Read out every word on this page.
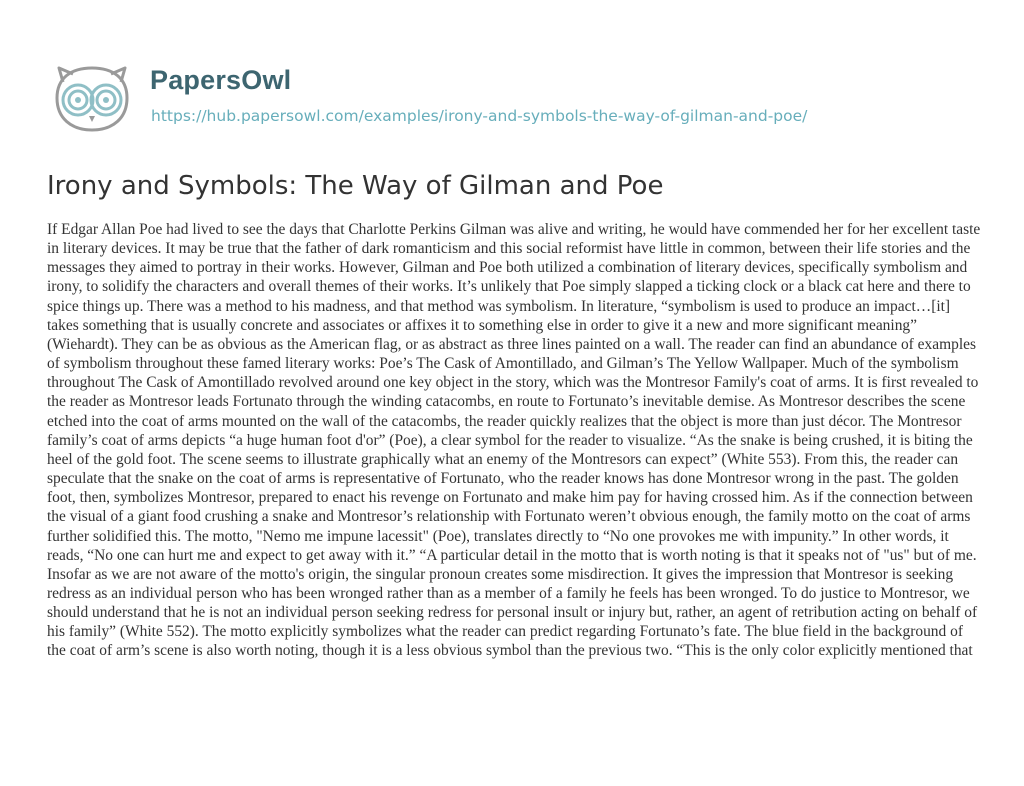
PapersOwl
https://hub.papersowl.com/examples/irony-and-symbols-the-way-of-gilman-and-poe/
Irony and Symbols: The Way of Gilman and Poe

If Edgar Allan Poe had lived to see the days that Charlotte Perkins Gilman was alive and writing, he would have commended her for her excellent taste in literary devices. It may be true that the father of dark romanticism and this social reformist have little in common, between their life stories and the messages they aimed to portray in their works. However, Gilman and Poe both utilized a combination of literary devices, specifically symbolism and irony, to solidify the characters and overall themes of their works. It’s unlikely that Poe simply slapped a ticking clock or a black cat here and there to spice things up. There was a method to his madness, and that method was symbolism. In literature, “symbolism is used to produce an impact…[it] takes something that is usually concrete and associates or affixes it to something else in order to give it a new and more significant meaning” (Wiehardt). They can be as obvious as the American flag, or as abstract as three lines painted on a wall. The reader can find an abundance of examples of symbolism throughout these famed literary works: Poe’s The Cask of Amontillado, and Gilman’s The Yellow Wallpaper. Much of the symbolism throughout The Cask of Amontillado revolved around one key object in the story, which was the Montresor Family's coat of arms. It is first revealed to the reader as Montresor leads Fortunato through the winding catacombs, en route to Fortunato’s inevitable demise. As Montresor describes the scene etched into the coat of arms mounted on the wall of the catacombs, the reader quickly realizes that the object is more than just décor. The Montresor family’s coat of arms depicts “a huge human foot d'or” (Poe), a clear symbol for the reader to visualize. “As the snake is being crushed, it is biting the heel of the gold foot. The scene seems to illustrate graphically what an enemy of the Montresors can expect” (White 553). From this, the reader can speculate that the snake on the coat of arms is representative of Fortunato, who the reader knows has done Montresor wrong in the past. The golden foot, then, symbolizes Montresor, prepared to enact his revenge on Fortunato and make him pay for having crossed him. As if the connection between the visual of a giant food crushing a snake and Montresor’s relationship with Fortunato weren’t obvious enough, the family motto on the coat of arms further solidified this. The motto, "Nemo me impune lacessit" (Poe), translates directly to “No one provokes me with impunity.” In other words, it reads, “No one can hurt me and expect to get away with it.” “A particular detail in the motto that is worth noting is that it speaks not of "us" but of me. Insofar as we are not aware of the motto's origin, the singular pronoun creates some misdirection. It gives the impression that Montresor is seeking redress as an individual person who has been wronged rather than as a member of a family he feels has been wronged. To do justice to Montresor, we should understand that he is not an individual person seeking redress for personal insult or injury but, rather, an agent of retribution acting on behalf of his family” (White 552). The motto explicitly symbolizes what the reader can predict regarding Fortunato’s fate. The blue field in the background of the coat of arm’s scene is also worth noting, though it is a less obvious symbol than the previous two. “This is the only color explicitly mentioned that
